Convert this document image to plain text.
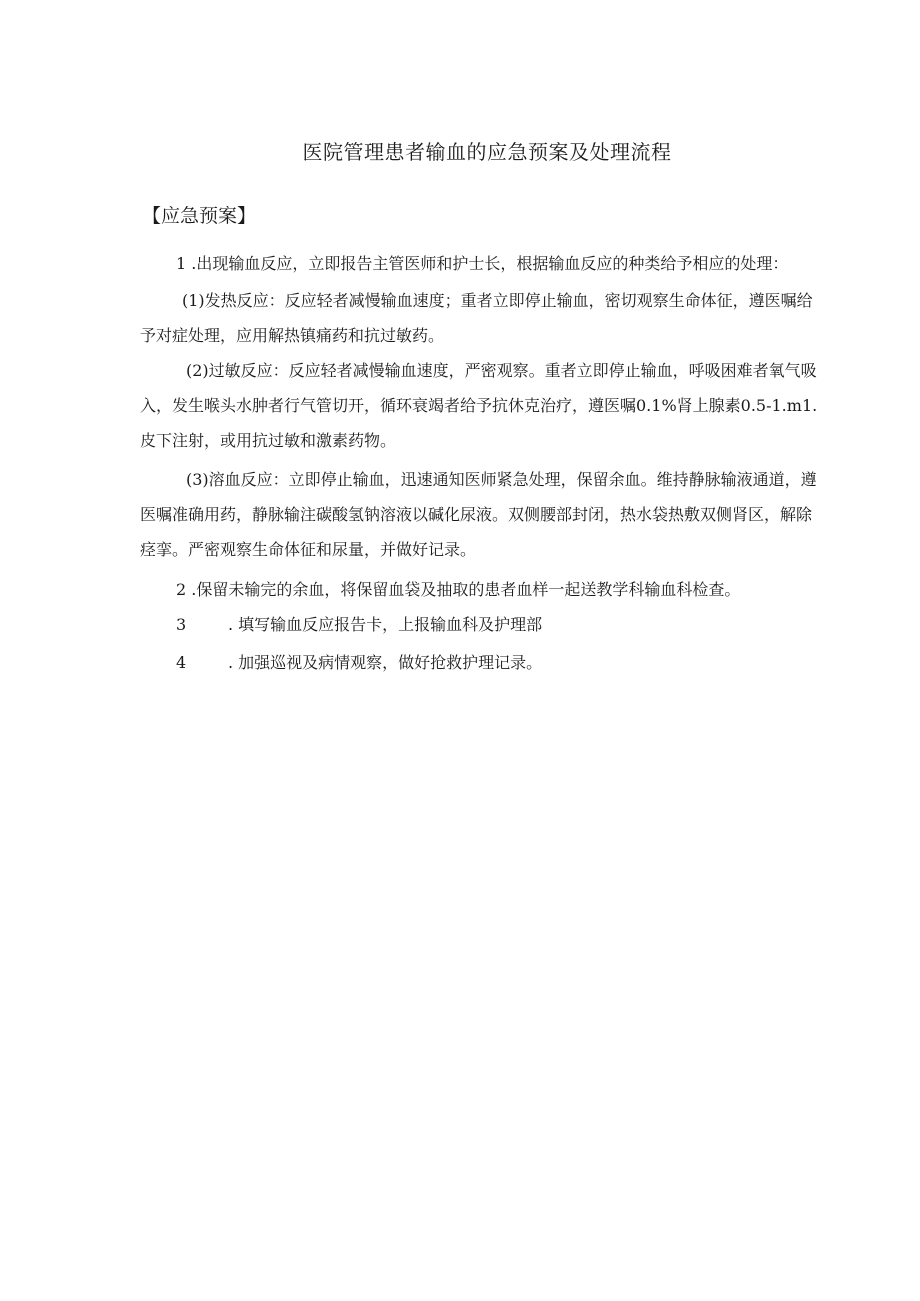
医院管理患者输血的应急预案及处理流程
【应急预案】

1 .出现输血反应，立即报告主管医师和护士长，根据输血反应的种类给予相应的处理：

(1)发热反应：反应轻者减慢输血速度；重者立即停止输血，密切观察生命体征，遵医嘱给予对症处理，应用解热镇痛药和抗过敏药。

(2)过敏反应：反应轻者减慢输血速度，严密观察。重者立即停止输血，呼吸困难者氧气吸入，发生喉头水肿者行气管切开，循环衰竭者给予抗休克治疗，遵医嘱0.1%肾上腺素0.5-1.m1.皮下注射，或用抗过敏和激素药物。

(3)溶血反应：立即停止输血，迅速通知医师紧急处理，保留余血。维持静脉输液通道，遵医嘱准确用药，静脉输注碳酸氢钠溶液以碱化尿液。双侧腰部封闭，热水袋热敷双侧肾区，解除痉挛。严密观察生命体征和尿量，并做好记录。

2 .保留未输完的余血，将保留血袋及抽取的患者血样一起送教学科输血科检查。

3	. 填写输血反应报告卡，上报输血科及护理部

4	. 加强巡视及病情观察，做好抢救护理记录。
